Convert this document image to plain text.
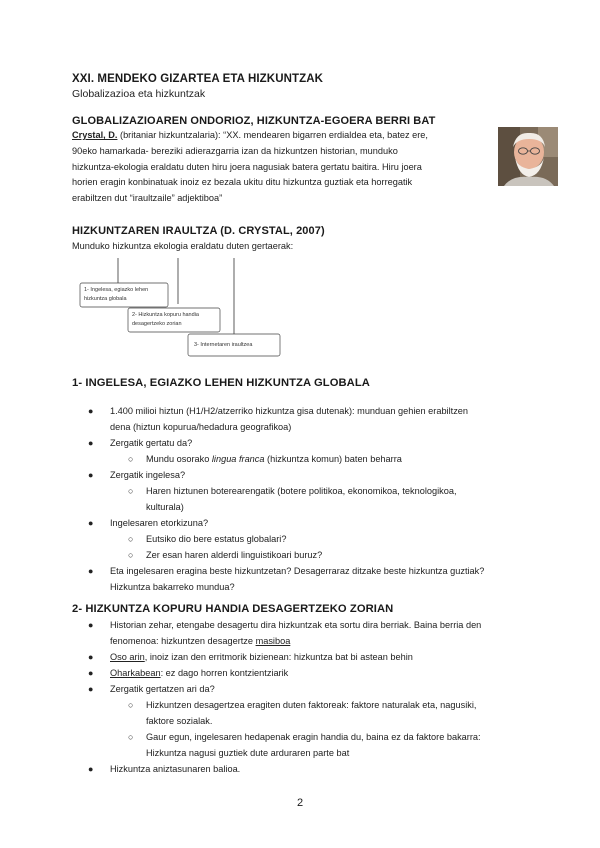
XXI. MENDEKO GIZARTEA ETA HIZKUNTZAK
Globalizazioa eta hizkuntzak
GLOBALIZAZIOAREN ONDORIOZ, HIZKUNTZA-EGOERA BERRI BAT
Crystal, D. (britaniar hizkuntzalaria): “XX. mendearen bigarren erdialdea eta, batez ere,
90eko hamarkada- bereziki adierazgarria izan da hizkuntzen historian, munduko
hizkuntza-ekologia eraldatu duten hiru joera nagusiak batera gertatu baitira. Hiru joera
horien eragin konbinatuak inoiz ez bezala ukitu ditu hizkuntza guztiak eta horregatik
erabiltzen dut “iraultzaile” adjektiboa”
HIZKUNTZAREN IRAULTZA (D. CRYSTAL, 2007)
Munduko hizkuntza ekologia eraldatu duten gertaerak:
1- Ingelesa, egiazko lehen
hizkuntza globala
2- Hizkuntza kopuru handia
desagertzeko zorian
3- Internetaren iraultzea
1- INGELESA, EGIAZKO LEHEN HIZKUNTZA GLOBALA
● 1.400 milioi hiztun (H1/H2/atzerriko hizkuntza gisa dutenak): munduan gehien erabiltzen
dena (hiztun kopurua/hedadura geografikoa)
● Zergatik gertatu da?
○ Mundu osorako lingua franca (hizkuntza komun) baten beharra
● Zergatik ingelesa?
○ Haren hiztunen boterearengatik (botere politikoa, ekonomikoa, teknologikoa,
kulturala)
● Ingelesaren etorkizuna?
○ Eutsiko dio bere estatus globalari?
○ Zer esan haren alderdi linguistikoari buruz?
● Eta ingelesaren eragina beste hizkuntzetan? Desagerraraz ditzake beste hizkuntza guztiak?
Hizkuntza bakarreko mundua?
2- HIZKUNTZA KOPURU HANDIA DESAGERTZEKO ZORIAN
● Historian zehar, etengabe desagertu dira hizkuntzak eta sortu dira berriak. Baina berria den
fenomenoa: hizkuntzen desagertze masiboa
● Oso arin, inoiz izan den erritmorik bizienean: hizkuntza bat bi astean behin
● Oharkabean: ez dago horren kontzientziarik
● Zergatik gertatzen ari da?
○ Hizkuntzen desagertzea eragiten duten faktoreak: faktore naturalak eta, nagusiki,
faktore sozialak.
○ Gaur egun, ingelesaren hedapenak eragin handia du, baina ez da faktore bakarra:
Hizkuntza nagusi guztiek dute arduraren parte bat
● Hizkuntza aniztasunaren balioa.
2
